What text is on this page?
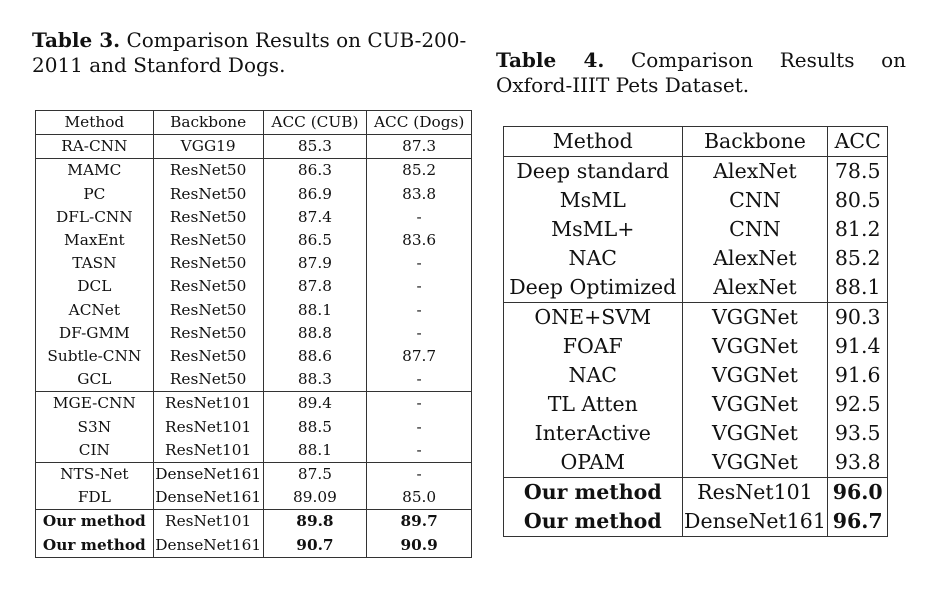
Table 3. Comparison Results on CUB-200-2011 and Stanford Dogs.	Table 4. Comparison Results on Oxford-IIIT Pets Dataset.
Method	Backbone	ACC (CUB)	ACC (Dogs)
RA-CNN	VGG19	85.3	87.3
MAMC	ResNet50	86.3	85.2
PC	ResNet50	86.9	83.8
DFL-CNN	ResNet50	87.4	-
MaxEnt	ResNet50	86.5	83.6
TASN	ResNet50	87.9	-
DCL	ResNet50	87.8	-
ACNet	ResNet50	88.1	-
DF-GMM	ResNet50	88.8	-
Subtle-CNN	ResNet50	88.6	87.7
GCL	ResNet50	88.3	-
MGE-CNN	ResNet101	89.4	-
S3N	ResNet101	88.5	-
CIN	ResNet101	88.1	-
NTS-Net	DenseNet161	87.5	-
FDL	DenseNet161	89.09	85.0
Our method	ResNet101	89.8	89.7
Our method	DenseNet161	90.7	90.9
Method	Backbone	ACC
Deep standard	AlexNet	78.5
MsML	CNN	80.5
MsML+	CNN	81.2
NAC	AlexNet	85.2
Deep Optimized	AlexNet	88.1
ONE+SVM	VGGNet	90.3
FOAF	VGGNet	91.4
NAC	VGGNet	91.6
TL Atten	VGGNet	92.5
InterActive	VGGNet	93.5
OPAM	VGGNet	93.8
Our method	ResNet101	96.0
Our method	DenseNet161	96.7
